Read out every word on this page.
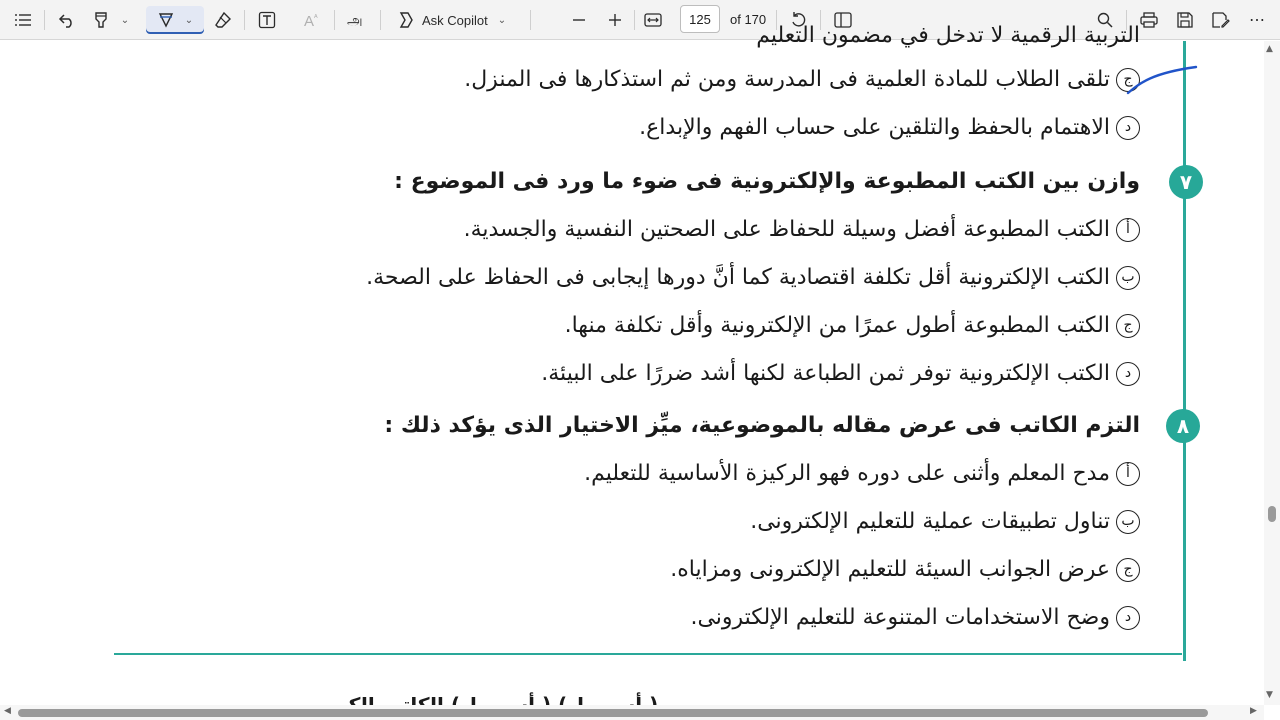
⌄	⌄	A ᴬ அ	Ask Copilot ⌄
125	of 170	⋯
التربية الرقمية لا تدخل في مضمون التعليم
جتلقى الطلاب للمادة العلمية فى المدرسة ومن ثم استذكارها فى المنزل.
دالاهتمام بالحفظ والتلقين على حساب الفهم والإبداع.
٧
وازن بين الكتب المطبوعة والإلكترونية فى ضوء ما ورد فى الموضوع :
أالكتب المطبوعة أفضل وسيلة للحفاظ على الصحتين النفسية والجسدية.
بالكتب الإلكترونية أقل تكلفة اقتصادية كما أنَّ دورها إيجابى فى الحفاظ على الصحة.
جالكتب المطبوعة أطول عمرًا من الإلكترونية وأقل تكلفة منها.
دالكتب الإلكترونية توفر ثمن الطباعة لكنها أشد ضررًا على البيئة.
٨
التزم الكاتب فى عرض مقاله بالموضوعية، ميِّز الاختيار الذى يؤكد ذلك :
أمدح المعلم وأثنى على دوره فهو الركيزة الأساسية للتعليم.
بتناول تطبيقات عملية للتعليم الإلكترونى.
جعرض الجوانب السيئة للتعليم الإلكترونى ومزاياه.
دوضح الاستخدامات المتنوعة للتعليم الإلكترونى.
▲
▼
◀	▶
